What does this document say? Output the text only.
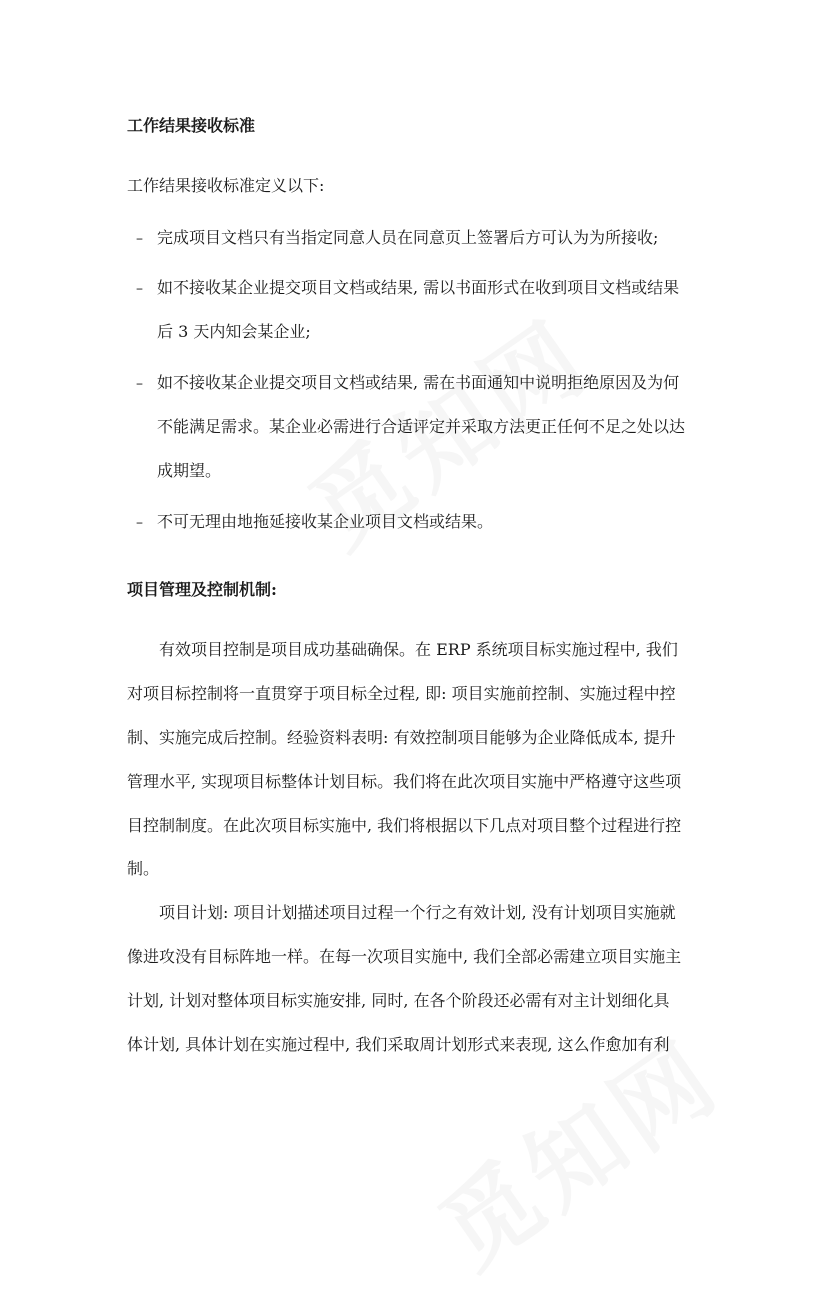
工作结果接收标准
工作结果接收标准定义以下:
– 完成项目文档只有当指定同意人员在同意页上签署后方可认为为所接收;
– 如不接收某企业提交项目文档或结果, 需以书面形式在收到项目文档或结果
后 3 天内知会某企业;
– 如不接收某企业提交项目文档或结果, 需在书面通知中说明拒绝原因及为何
不能满足需求。某企业必需进行合适评定并采取方法更正任何不足之处以达
成期望。
– 不可无理由地拖延接收某企业项目文档或结果。
项目管理及控制机制:
有效项目控制是项目成功基础确保。在 ERP 系统项目标实施过程中, 我们
对项目标控制将一直贯穿于项目标全过程, 即: 项目实施前控制、实施过程中控
制、实施完成后控制。经验资料表明: 有效控制项目能够为企业降低成本, 提升
管理水平, 实现项目标整体计划目标。我们将在此次项目实施中严格遵守这些项
目控制制度。在此次项目标实施中, 我们将根据以下几点对项目整个过程进行控
制。
项目计划: 项目计划描述项目过程一个行之有效计划, 没有计划项目实施就
像进攻没有目标阵地一样。在每一次项目实施中, 我们全部必需建立项目实施主
计划, 计划对整体项目标实施安排, 同时, 在各个阶段还必需有对主计划细化具
体计划, 具体计划在实施过程中, 我们采取周计划形式来表现, 这么作愈加有利
